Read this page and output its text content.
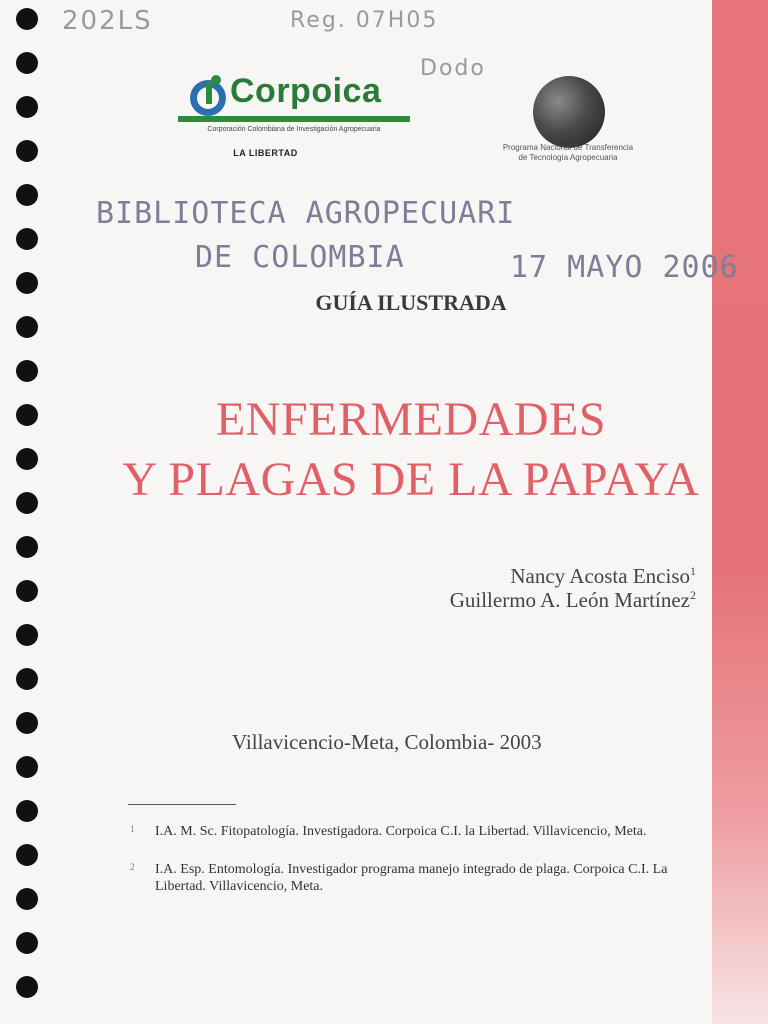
202LS	Reg. 07H05
Dodo
Corpoica
Corporación Colombiana de Investigación Agropecuaria
LA LIBERTAD
Programa Nacional de Transferencia
de Tecnología Agropecuaria
BIBLIOTECA AGROPECUARI
DE COLOMBIA	17 MAYO 2006
GUÍA ILUSTRADA
ENFERMEDADES
Y PLAGAS DE LA PAPAYA
Nancy Acosta Enciso$^1$
Guillermo A. León Martínez$^2$
Villavicencio-Meta, Colombia- 2003
1 I.A. M. Sc. Fitopatología. Investigadora. Corpoica C.I. la Libertad. Villavicencio, Meta.
2 I.A. Esp. Entomología. Investigador programa manejo integrado de plaga. Corpoica C.I. La Libertad. Villavicencio, Meta.
